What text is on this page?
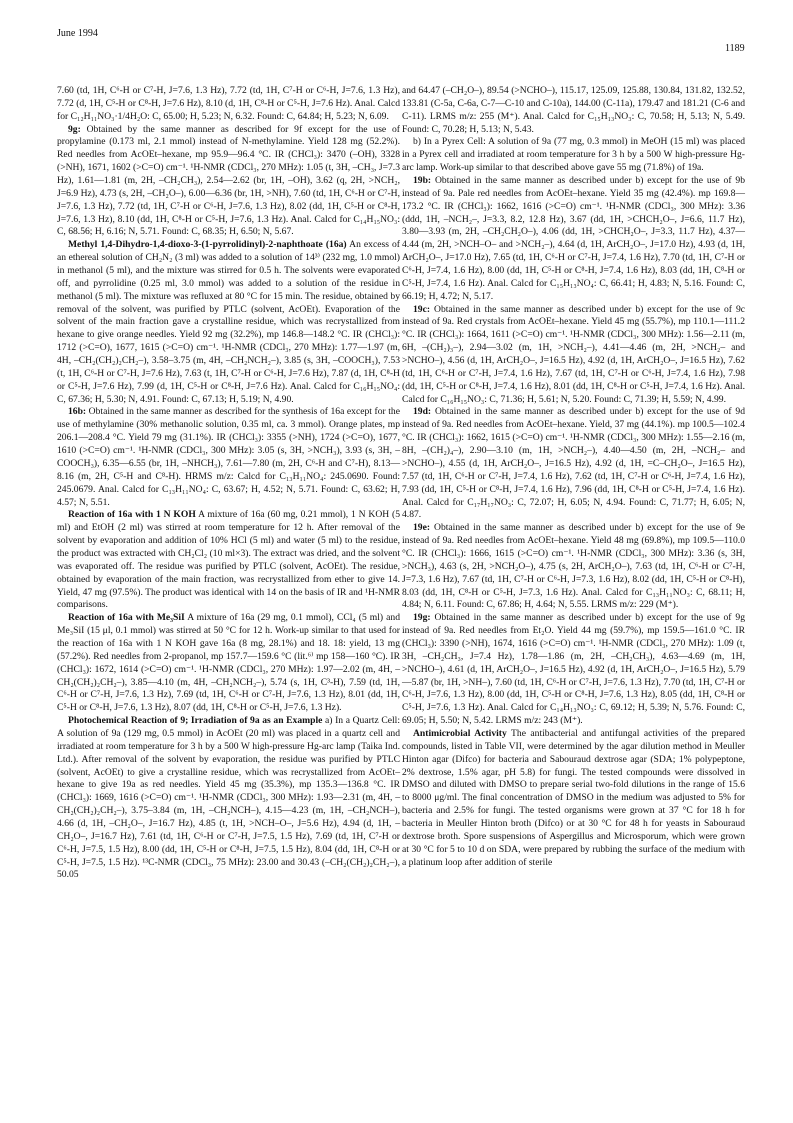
June 1994
1189

7.60 (td, 1H, C⁶-H or C⁷-H, J=7.6, 1.3 Hz), 7.72 (td, 1H, C⁷-H or C⁶-H, J=7.6, 1.3 Hz), 7.72 (d, 1H, C⁵-H or C⁸-H, J=7.6 Hz), 8.10 (d, 1H, C⁸-H or C⁵-H, J=7.6 Hz). Anal. Calcd for C₁₂H₁₁NO₃·1/4H₂O: C, 65.00; H, 5.23; N, 6.32. Found: C, 64.84; H, 5.23; N, 6.09.

9g: Obtained by the same manner as described for 9f except for the use of propylamine (0.173 ml, 2.1 mmol) instead of N-methylamine. Yield 128 mg (52.2%). Red needles from AcOEt–hexane, mp 95.9—96.4 °C. IR (CHCl₃): 3470 (–OH), 3328 (>NH), 1671, 1602 (>C=O) cm⁻¹. ¹H-NMR (CDCl₃, 270 MHz): 1.05 (t, 3H, –CH₃, J=7.3 Hz), 1.61—1.81 (m, 2H, –CH₂CH₃), 2.54—2.62 (br, 1H, –OH), 3.62 (q, 2H, >NCH₂, J=6.9 Hz), 4.73 (s, 2H, –CH₂O–), 6.00—6.36 (br, 1H, >NH), 7.60 (td, 1H, C⁶-H or C⁷-H, J=7.6, 1.3 Hz), 7.72 (td, 1H, C⁷-H or C⁶-H, J=7.6, 1.3 Hz), 8.02 (dd, 1H, C⁵-H or C⁸-H, J=7.6, 1.3 Hz), 8.10 (dd, 1H, C⁸-H or C⁵-H, J=7.6, 1.3 Hz). Anal. Calcd for C₁₄H₁₅NO₃: C, 68.56; H, 6.16; N, 5.71. Found: C, 68.35; H, 6.50; N, 5.67.

Methyl 1,4-Dihydro-1,4-dioxo-3-(1-pyrrolidinyl)-2-naphthoate (16a) An excess of an ethereal solution of CH₂N₂ (3 ml) was added to a solution of 14³⁾ (232 mg, 1.0 mmol) in methanol (5 ml), and the mixture was stirred for 0.5 h. The solvents were evaporated off, and pyrrolidine (0.25 ml, 3.0 mmol) was added to a solution of the residue in methanol (5 ml). The mixture was refluxed at 80 °C for 15 min. The residue, obtained by removal of the solvent, was purified by PTLC (solvent, AcOEt). Evaporation of the solvent of the main fraction gave a crystalline residue, which was recrystallized from hexane to give orange needles. Yield 92 mg (32.2%), mp 146.8—148.2 °C. IR (CHCl₃): 1712 (>C=O), 1677, 1615 (>C=O) cm⁻¹. ¹H-NMR (CDCl₃, 270 MHz): 1.77—1.97 (m, 4H, –CH₂(CH₂)₂CH₂–), 3.58–3.75 (m, 4H, –CH₂NCH₂–), 3.85 (s, 3H, –COOCH₃), 7.53 (t, 1H, C⁶-H or C⁷-H, J=7.6 Hz), 7.63 (t, 1H, C⁷-H or C⁶-H, J=7.6 Hz), 7.87 (d, 1H, C⁸-H or C⁵-H, J=7.6 Hz), 7.99 (d, 1H, C⁵-H or C⁸-H, J=7.6 Hz). Anal. Calcd for C₁₆H₁₅NO₄: C, 67.36; H, 5.30; N, 4.91. Found: C, 67.13; H, 5.19; N, 4.90.

16b: Obtained in the same manner as described for the synthesis of 16a except for the use of methylamine (30% methanolic solution, 0.35 ml, ca. 3 mmol). Orange plates, mp 206.1—208.4 °C. Yield 79 mg (31.1%). IR (CHCl₃): 3355 (>NH), 1724 (>C=O), 1677, 1610 (>C=O) cm⁻¹. ¹H-NMR (CDCl₃, 300 MHz): 3.05 (s, 3H, >NCH₃), 3.93 (s, 3H, –COOCH₃), 6.35—6.55 (br, 1H, –NHCH₃), 7.61—7.80 (m, 2H, C⁶-H and C⁷-H), 8.13—8.16 (m, 2H, C⁵-H and C⁸-H). HRMS m/z: Calcd for C₁₃H₁₁NO₄: 245.0690. Found: 245.0679. Anal. Calcd for C₁₃H₁₁NO₄: C, 63.67; H, 4.52; N, 5.71. Found: C, 63.62; H, 4.57; N, 5.51.

Reaction of 16a with 1 N KOH A mixture of 16a (60 mg, 0.21 mmol), 1 N KOH (5 ml) and EtOH (2 ml) was stirred at room temperature for 12 h. After removal of the solvent by evaporation and addition of 10% HCl (5 ml) and water (5 ml) to the residue, the product was extracted with CH₂Cl₂ (10 ml×3). The extract was dried, and the solvent was evaporated off. The residue was purified by PTLC (solvent, AcOEt). The residue, obtained by evaporation of the main fraction, was recrystallized from ether to give 14. Yield, 47 mg (97.5%). The product was identical with 14 on the basis of IR and ¹H-NMR comparisons.

Reaction of 16a with Me₃SiI A mixture of 16a (29 mg, 0.1 mmol), CCl₄ (5 ml) and Me₃SiI (15 μl, 0.1 mmol) was stirred at 50 °C for 12 h. Work-up similar to that used for the reaction of 16a with 1 N KOH gave 16a (8 mg, 28.1%) and 18. 18: yield, 13 mg (57.2%). Red needles from 2-propanol, mp 157.7—159.6 °C (lit.⁶⁾ mp 158—160 °C). IR (CHCl₃): 1672, 1614 (>C=O) cm⁻¹. ¹H-NMR (CDCl₃, 270 MHz): 1.97—2.02 (m, 4H, –CH₂(CH₂)₂CH₂–), 3.85—4.10 (m, 4H, –CH₂NCH₂–), 5.74 (s, 1H, C³-H), 7.59 (td, 1H, C⁶-H or C⁷-H, J=7.6, 1.3 Hz), 7.69 (td, 1H, C⁶-H or C⁷-H, J=7.6, 1.3 Hz), 8.01 (dd, 1H, C⁵-H or C⁸-H, J=7.6, 1.3 Hz), 8.07 (dd, 1H, C⁸-H or C⁵-H, J=7.6, 1.3 Hz).

Photochemical Reaction of 9; Irradiation of 9a as an Example a) In a Quartz Cell: A solution of 9a (129 mg, 0.5 mmol) in AcOEt (20 ml) was placed in a quartz cell and irradiated at room temperature for 3 h by a 500 W high-pressure Hg-arc lamp (Taika Ind. Ltd.). After removal of the solvent by evaporation, the residue was purified by PTLC (solvent, AcOEt) to give a crystalline residue, which was recrystallized from AcOEt–hexane to give 19a as red needles. Yield 45 mg (35.3%), mp 135.3—136.8 °C. IR (CHCl₃): 1669, 1616 (>C=O) cm⁻¹. ¹H-NMR (CDCl₃, 300 MHz): 1.93—2.31 (m, 4H, –CH₂(CH₂)₂CH₂–), 3.75–3.84 (m, 1H, –CH₂NCH–), 4.15—4.23 (m, 1H, –CH₂NCH–), 4.66 (d, 1H, –CH₂O–, J=16.7 Hz), 4.85 (t, 1H, >NCH–O–, J=5.6 Hz), 4.94 (d, 1H, –CH₂O–, J=16.7 Hz), 7.61 (td, 1H, C⁶-H or C⁷-H, J=7.5, 1.5 Hz), 7.69 (td, 1H, C⁷-H or C⁶-H, J=7.5, 1.5 Hz), 8.00 (dd, 1H, C⁵-H or C⁸-H, J=7.5, 1.5 Hz), 8.04 (dd, 1H, C⁸-H or C⁵-H, J=7.5, 1.5 Hz). ¹³C-NMR (CDCl₃, 75 MHz): 23.00 and 30.43 (–CH₂(CH₂)₂CH₂–), 50.05

and 64.47 (–CH₂O–), 89.54 (>NCHO–), 115.17, 125.09, 125.88, 130.84, 131.82, 132.52, 133.81 (C-5a, C-6a, C-7—C-10 and C-10a), 144.00 (C-11a), 179.47 and 181.21 (C-6 and C-11). LRMS m/z: 255 (M⁺). Anal. Calcd for C₁₅H₁₃NO₃: C, 70.58; H, 5.13; N, 5.49. Found: C, 70.28; H, 5.13; N, 5.43.

b) In a Pyrex Cell: A solution of 9a (77 mg, 0.3 mmol) in MeOH (15 ml) was placed in a Pyrex cell and irradiated at room temperature for 3 h by a 500 W high-pressure Hg-arc lamp. Work-up similar to that described above gave 55 mg (71.8%) of 19a.

19b: Obtained in the same manner as described under b) except for the use of 9b instead of 9a. Pale red needles from AcOEt–hexane. Yield 35 mg (42.4%). mp 169.8—173.2 °C. IR (CHCl₃): 1662, 1616 (>C=O) cm⁻¹. ¹H-NMR (CDCl₃, 300 MHz): 3.36 (ddd, 1H, –NCH₂–, J=3.3, 8.2, 12.8 Hz), 3.67 (dd, 1H, >CHCH₂O–, J=6.6, 11.7 Hz), 3.80—3.93 (m, 2H, –CH₂CH₂O–), 4.06 (dd, 1H, >CHCH₂O–, J=3.3, 11.7 Hz), 4.37—4.44 (m, 2H, >NCH–O– and >NCH₂–), 4.64 (d, 1H, ArCH₂O–, J=17.0 Hz), 4.93 (d, 1H, ArCH₂O–, J=17.0 Hz), 7.65 (td, 1H, C⁶-H or C⁷-H, J=7.4, 1.6 Hz), 7.70 (td, 1H, C⁷-H or C⁶-H, J=7.4, 1.6 Hz), 8.00 (dd, 1H, C⁵-H or C⁸-H, J=7.4, 1.6 Hz), 8.03 (dd, 1H, C⁸-H or C⁵-H, J=7.4, 1.6 Hz). Anal. Calcd for C₁₅H₁₃NO₄: C, 66.41; H, 4.83; N, 5.16. Found: C, 66.19; H, 4.72; N, 5.17.

19c: Obtained in the same manner as described under b) except for the use of 9c instead of 9a. Red crystals from AcOEt–hexane. Yield 45 mg (55.7%), mp 110.1—111.2 °C. IR (CHCl₃): 1664, 1611 (>C=O) cm⁻¹. ¹H-NMR (CDCl₃, 300 MHz): 1.56—2.11 (m, 6H, –(CH₂)₃–), 2.94—3.02 (m, 1H, >NCH₂–), 4.41—4.46 (m, 2H, >NCH₂– and >NCHO–), 4.56 (d, 1H, ArCH₂O–, J=16.5 Hz), 4.92 (d, 1H, ArCH₂O–, J=16.5 Hz), 7.62 (td, 1H, C⁶-H or C⁷-H, J=7.4, 1.6 Hz), 7.67 (td, 1H, C⁷-H or C⁶-H, J=7.4, 1.6 Hz), 7.98 (dd, 1H, C⁵-H or C⁸-H, J=7.4, 1.6 Hz), 8.01 (dd, 1H, C⁸-H or C⁵-H, J=7.4, 1.6 Hz). Anal. Calcd for C₁₆H₁₅NO₃: C, 71.36; H, 5.61; N, 5.20. Found: C, 71.39; H, 5.59; N, 4.99.

19d: Obtained in the same manner as described under b) except for the use of 9d instead of 9a. Red needles from AcOEt–hexane. Yield, 37 mg (44.1%). mp 100.5—102.4 °C. IR (CHCl₃): 1662, 1615 (>C=O) cm⁻¹. ¹H-NMR (CDCl₃, 300 MHz): 1.55—2.16 (m, 8H, –(CH₂)₄–), 2.90—3.10 (m, 1H, >NCH₂–), 4.40—4.50 (m, 2H, –NCH₂– and >NCHO–), 4.55 (d, 1H, ArCH₂O–, J=16.5 Hz), 4.92 (d, 1H, =C–CH₂O–, J=16.5 Hz), 7.57 (td, 1H, C⁶-H or C⁷-H, J=7.4, 1.6 Hz), 7.62 (td, 1H, C⁷-H or C⁶-H, J=7.4, 1.6 Hz), 7.93 (dd, 1H, C⁵-H or C⁸-H, J=7.4, 1.6 Hz), 7.96 (dd, 1H, C⁸-H or C⁵-H, J=7.4, 1.6 Hz). Anal. Calcd for C₁₇H₁₇NO₃: C, 72.07; H, 6.05; N, 4.94. Found: C, 71.77; H, 6.05; N, 4.87.

19e: Obtained in the same manner as described under b) except for the use of 9e instead of 9a. Red needles from AcOEt–hexane. Yield 48 mg (69.8%), mp 109.5—110.0 °C. IR (CHCl₃): 1666, 1615 (>C=O) cm⁻¹. ¹H-NMR (CDCl₃, 300 MHz): 3.36 (s, 3H, >NCH₃), 4.63 (s, 2H, >NCH₂O–), 4.75 (s, 2H, ArCH₂O–), 7.63 (td, 1H, C⁶-H or C⁷-H, J=7.3, 1.6 Hz), 7.67 (td, 1H, C⁷-H or C⁶-H, J=7.3, 1.6 Hz), 8.02 (dd, 1H, C⁵-H or C⁸-H), 8.03 (dd, 1H, C⁸-H or C⁵-H, J=7.3, 1.6 Hz). Anal. Calcd for C₁₃H₁₁NO₃: C, 68.11; H, 4.84; N, 6.11. Found: C, 67.86; H, 4.64; N, 5.55. LRMS m/z: 229 (M⁺).

19g: Obtained in the same manner as described under b) except for the use of 9g instead of 9a. Red needles from Et₂O. Yield 44 mg (59.7%), mp 159.5—161.0 °C. IR (CHCl₃): 3390 (>NH), 1674, 1616 (>C=O) cm⁻¹. ¹H-NMR (CDCl₃, 270 MHz): 1.09 (t, 3H, –CH₂CH₃, J=7.4 Hz), 1.78—1.86 (m, 2H, –CH₂CH₃), 4.63—4.69 (m, 1H, >NCHO–), 4.61 (d, 1H, ArCH₂O–, J=16.5 Hz), 4.92 (d, 1H, ArCH₂O–, J=16.5 Hz), 5.79—5.87 (br, 1H, >NH–), 7.60 (td, 1H, C⁶-H or C⁷-H, J=7.6, 1.3 Hz), 7.70 (td, 1H, C⁷-H or C⁶-H, J=7.6, 1.3 Hz), 8.00 (dd, 1H, C⁵-H or C⁸-H, J=7.6, 1.3 Hz), 8.05 (dd, 1H, C⁸-H or C⁵-H, J=7.6, 1.3 Hz). Anal. Calcd for C₁₄H₁₃NO₃: C, 69.12; H, 5.39; N, 5.76. Found: C, 69.05; H, 5.50; N, 5.42. LRMS m/z: 243 (M⁺).

Antimicrobial Activity The antibacterial and antifungal activities of the prepared compounds, listed in Table VII, were determined by the agar dilution method in Meuller Hinton agar (Difco) for bacteria and Sabouraud dextrose agar (SDA; 1% polypeptone, 2% dextrose, 1.5% agar, pH 5.8) for fungi. The tested compounds were dissolved in DMSO and diluted with DMSO to prepare serial two-fold dilutions in the range of 15.6 to 8000 μg/ml. The final concentration of DMSO in the medium was adjusted to 5% for bacteria and 2.5% for fungi. The tested organisms were grown at 37 °C for 18 h for bacteria in Meuller Hinton broth (Difco) or at 30 °C for 48 h for yeasts in Sabouraud dextrose broth. Spore suspensions of Aspergillus and Microsporum, which were grown at 30 °C for 5 to 10 d on SDA, were prepared by rubbing the surface of the medium with a platinum loop after addition of sterile
